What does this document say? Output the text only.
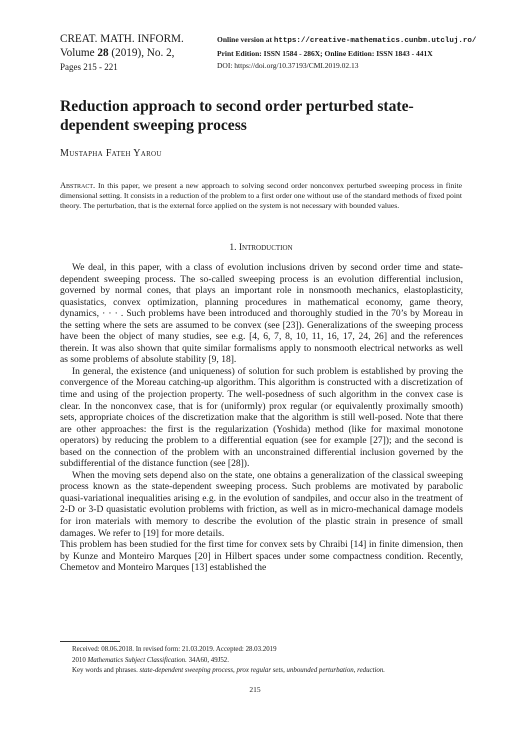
CREAT. MATH. INFORM.
Volume 28 (2019), No. 2,
Pages 215 - 221
Online version at https://creative-mathematics.cunbm.utcluj.ro/
Print Edition: ISSN 1584 - 286X; Online Edition: ISSN 1843 - 441X
DOI: https://doi.org/10.37193/CMI.2019.02.13
Reduction approach to second order perturbed state-dependent sweeping process
Mustapha Fateh Yarou
Abstract. In this paper, we present a new approach to solving second order nonconvex perturbed sweeping process in finite dimensional setting. It consists in a reduction of the problem to a first order one without use of the standard methods of fixed point theory. The perturbation, that is the external force applied on the system is not necessary with bounded values.
1. Introduction

We deal, in this paper, with a class of evolution inclusions driven by second order time and state-dependent sweeping process. The so-called sweeping process is an evolution differential inclusion, governed by normal cones, that plays an important role in nonsmooth mechanics, elastoplasticity, quasistatics, convex optimization, planning procedures in mathematical economy, game theory, dynamics, · · · . Such problems have been introduced and thoroughly studied in the 70’s by Moreau in the setting where the sets are assumed to be convex (see [23]). Generalizations of the sweeping process have been the object of many studies, see e.g. [4, 6, 7, 8, 10, 11, 16, 17, 24, 26] and the references therein. It was also shown that quite similar formalisms apply to nonsmooth electrical networks as well as some problems of absolute stability [9, 18].

In general, the existence (and uniqueness) of solution for such problem is established by proving the convergence of the Moreau catching-up algorithm. This algorithm is constructed with a discretization of time and using of the projection property. The well-posedness of such algorithm in the convex case is clear. In the nonconvex case, that is for (uniformly) prox regular (or equivalently proximally smooth) sets, appropriate choices of the discretization make that the algorithm is still well-posed. Note that there are other approaches: the first is the regularization (Yoshida) method (like for maximal monotone operators) by reducing the problem to a differential equation (see for example [27]); and the second is based on the connection of the problem with an unconstrained differential inclusion governed by the subdifferential of the distance function (see [28]).

When the moving sets depend also on the state, one obtains a generalization of the classical sweeping process known as the state-dependent sweeping process. Such problems are motivated by parabolic quasi-variational inequalities arising e.g. in the evolution of sandpiles, and occur also in the treatment of 2-D or 3-D quasistatic evolution problems with friction, as well as in micro-mechanical damage models for iron materials with memory to describe the evolution of the plastic strain in presence of small damages. We refer to [19] for more details.

This problem has been studied for the first time for convex sets by Chraibi [14] in finite dimension, then by Kunze and Monteiro Marques [20] in Hilbert spaces under some compactness condition. Recently, Chemetov and Monteiro Marques [13] established the

Received: 08.06.2018. In revised form: 21.03.2019. Accepted: 28.03.2019
2010 Mathematics Subject Classification. 34A60, 49J52.
Key words and phrases. state-dependent sweeping process, prox regular sets, unbounded perturbation, reduction.
215
